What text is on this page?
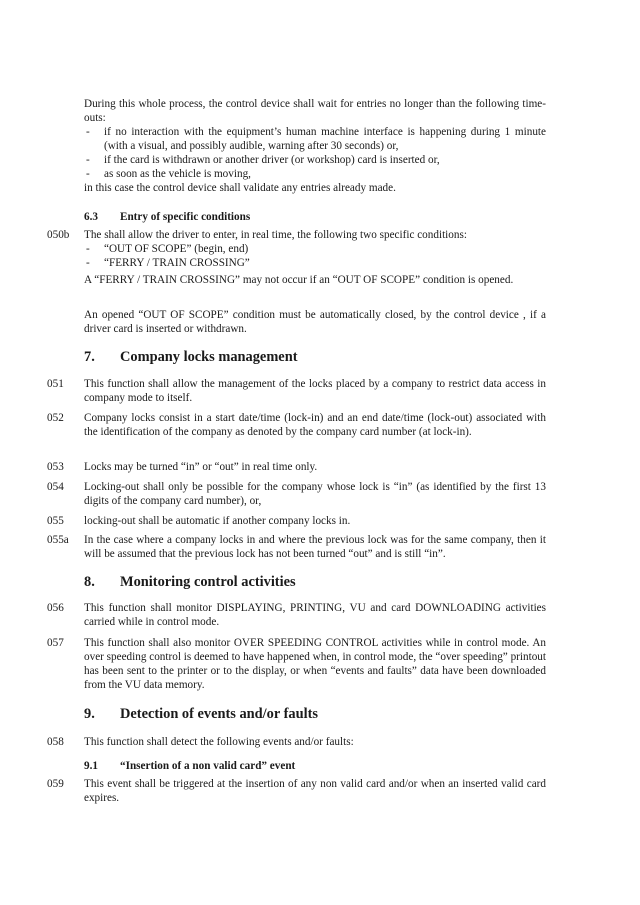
During this whole process, the control device shall wait for entries no longer than the following time-outs:

- if no interaction with the equipment’s human machine interface is happening during 1 minute (with a visual, and possibly audible, warning after 30 seconds) or,
- if the card is withdrawn or another driver (or workshop) card is inserted or,
- as soon as the vehicle is moving,

in this case the control device shall validate any entries already made.

6.3 Entry of specific conditions
050b The shall allow the driver to enter, in real time, the following two specific conditions:

- “OUT OF SCOPE” (begin, end)
- “FERRY / TRAIN CROSSING”
A “FERRY / TRAIN CROSSING” may not occur if an “OUT OF SCOPE” condition is opened.
An opened “OUT OF SCOPE” condition must be automatically closed, by the control device , if a driver card is inserted or withdrawn.
7. Company locks management
051 This function shall allow the management of the locks placed by a company to restrict data access in company mode to itself.
052 Company locks consist in a start date/time (lock-in) and an end date/time (lock-out) associated with the identification of the company as denoted by the company card number (at lock-in).
053 Locks may be turned “in” or “out” in real time only.
054 Locking-out shall only be possible for the company whose lock is “in” (as identified by the first 13 digits of the company card number), or,
055 locking-out shall be automatic if another company locks in.
055a In the case where a company locks in and where the previous lock was for the same company, then it will be assumed that the previous lock has not been turned “out” and is still “in”.
8. Monitoring control activities
056 This function shall monitor DISPLAYING, PRINTING, VU and card DOWNLOADING activities carried while in control mode.
057 This function shall also monitor OVER SPEEDING CONTROL activities while in control mode. An over speeding control is deemed to have happened when, in control mode, the “over speeding” printout has been sent to the printer or to the display, or when “events and faults” data have been downloaded from the VU data memory.
9. Detection of events and/or faults
058 This function shall detect the following events and/or faults:
9.1 “Insertion of a non valid card” event
059 This event shall be triggered at the insertion of any non valid card and/or when an inserted valid card expires.
